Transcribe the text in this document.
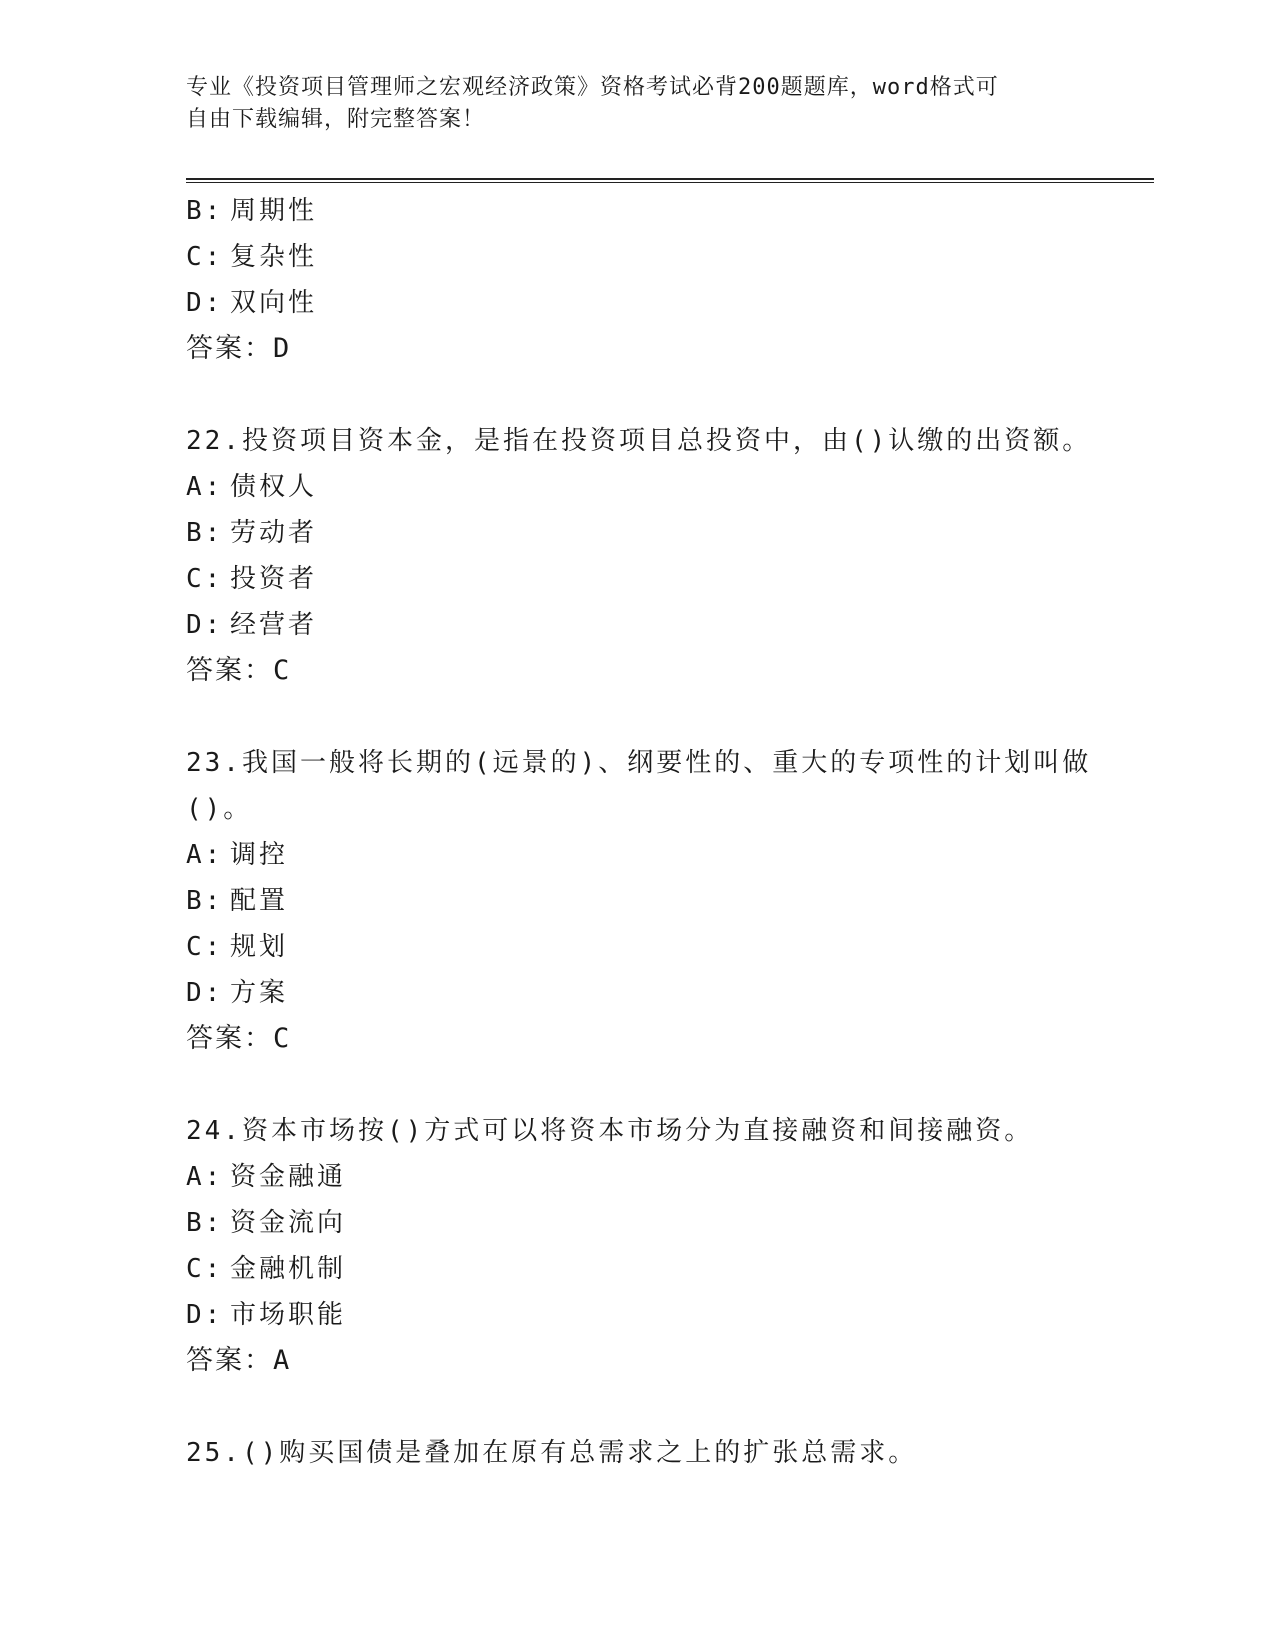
专业《投资项目管理师之宏观经济政策》资格考试必背200题题库，word格式可
自由下载编辑，附完整答案！
B: 周期性
C: 复杂性
D: 双向性
答案：D
22.投资项目资本金，是指在投资项目总投资中，由()认缴的出资额。
A: 债权人
B: 劳动者
C: 投资者
D: 经营者
答案：C
23.我国一般将长期的(远景的)、纲要性的、重大的专项性的计划叫做
()。
A: 调控
B: 配置
C: 规划
D: 方案
答案：C
24.资本市场按()方式可以将资本市场分为直接融资和间接融资。
A: 资金融通
B: 资金流向
C: 金融机制
D: 市场职能
答案：A
25.()购买国债是叠加在原有总需求之上的扩张总需求。
